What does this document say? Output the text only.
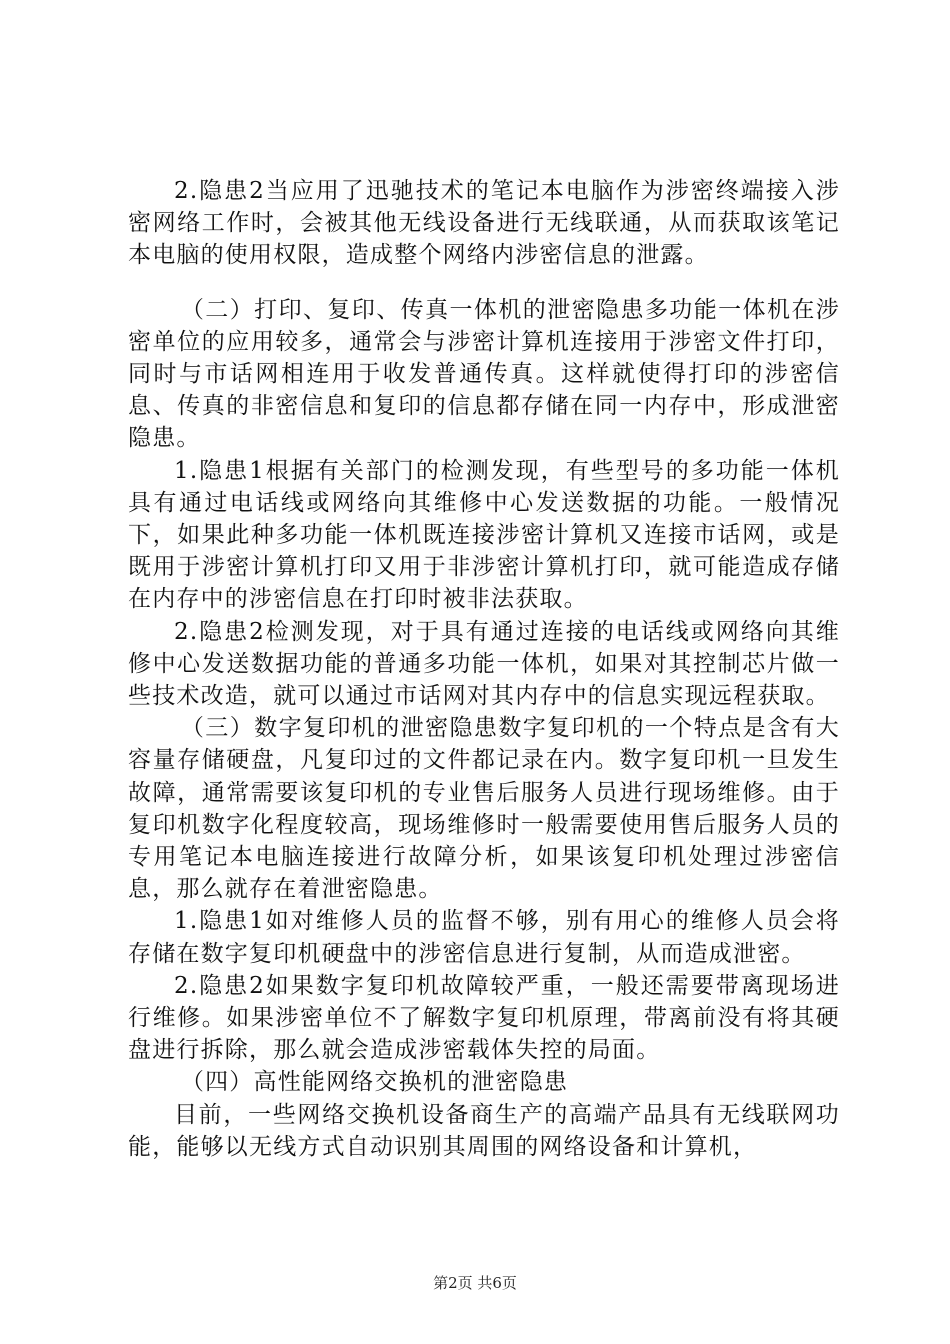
2.隐患2当应用了迅驰技术的笔记本电脑作为涉密终端接入涉密网络工作时，会被其他无线设备进行无线联通，从而获取该笔记本电脑的使用权限，造成整个网络内涉密信息的泄露。

（二）打印、复印、传真一体机的泄密隐患多功能一体机在涉密单位的应用较多，通常会与涉密计算机连接用于涉密文件打印，同时与市话网相连用于收发普通传真。这样就使得打印的涉密信息、传真的非密信息和复印的信息都存储在同一内存中，形成泄密隐患。

1.隐患1根据有关部门的检测发现，有些型号的多功能一体机具有通过电话线或网络向其维修中心发送数据的功能。一般情况下，如果此种多功能一体机既连接涉密计算机又连接市话网，或是既用于涉密计算机打印又用于非涉密计算机打印，就可能造成存储在内存中的涉密信息在打印时被非法获取。

2.隐患2检测发现，对于具有通过连接的电话线或网络向其维修中心发送数据功能的普通多功能一体机，如果对其控制芯片做一些技术改造，就可以通过市话网对其内存中的信息实现远程获取。

（三）数字复印机的泄密隐患数字复印机的一个特点是含有大容量存储硬盘，凡复印过的文件都记录在内。数字复印机一旦发生故障，通常需要该复印机的专业售后服务人员进行现场维修。由于复印机数字化程度较高，现场维修时一般需要使用售后服务人员的专用笔记本电脑连接进行故障分析，如果该复印机处理过涉密信息，那么就存在着泄密隐患。

1.隐患1如对维修人员的监督不够，别有用心的维修人员会将存储在数字复印机硬盘中的涉密信息进行复制，从而造成泄密。

2.隐患2如果数字复印机故障较严重，一般还需要带离现场进行维修。如果涉密单位不了解数字复印机原理，带离前没有将其硬盘进行拆除，那么就会造成涉密载体失控的局面。

（四）高性能网络交换机的泄密隐患

目前，一些网络交换机设备商生产的高端产品具有无线联网功能，能够以无线方式自动识别其周围的网络设备和计算机，

第2页 共6页
